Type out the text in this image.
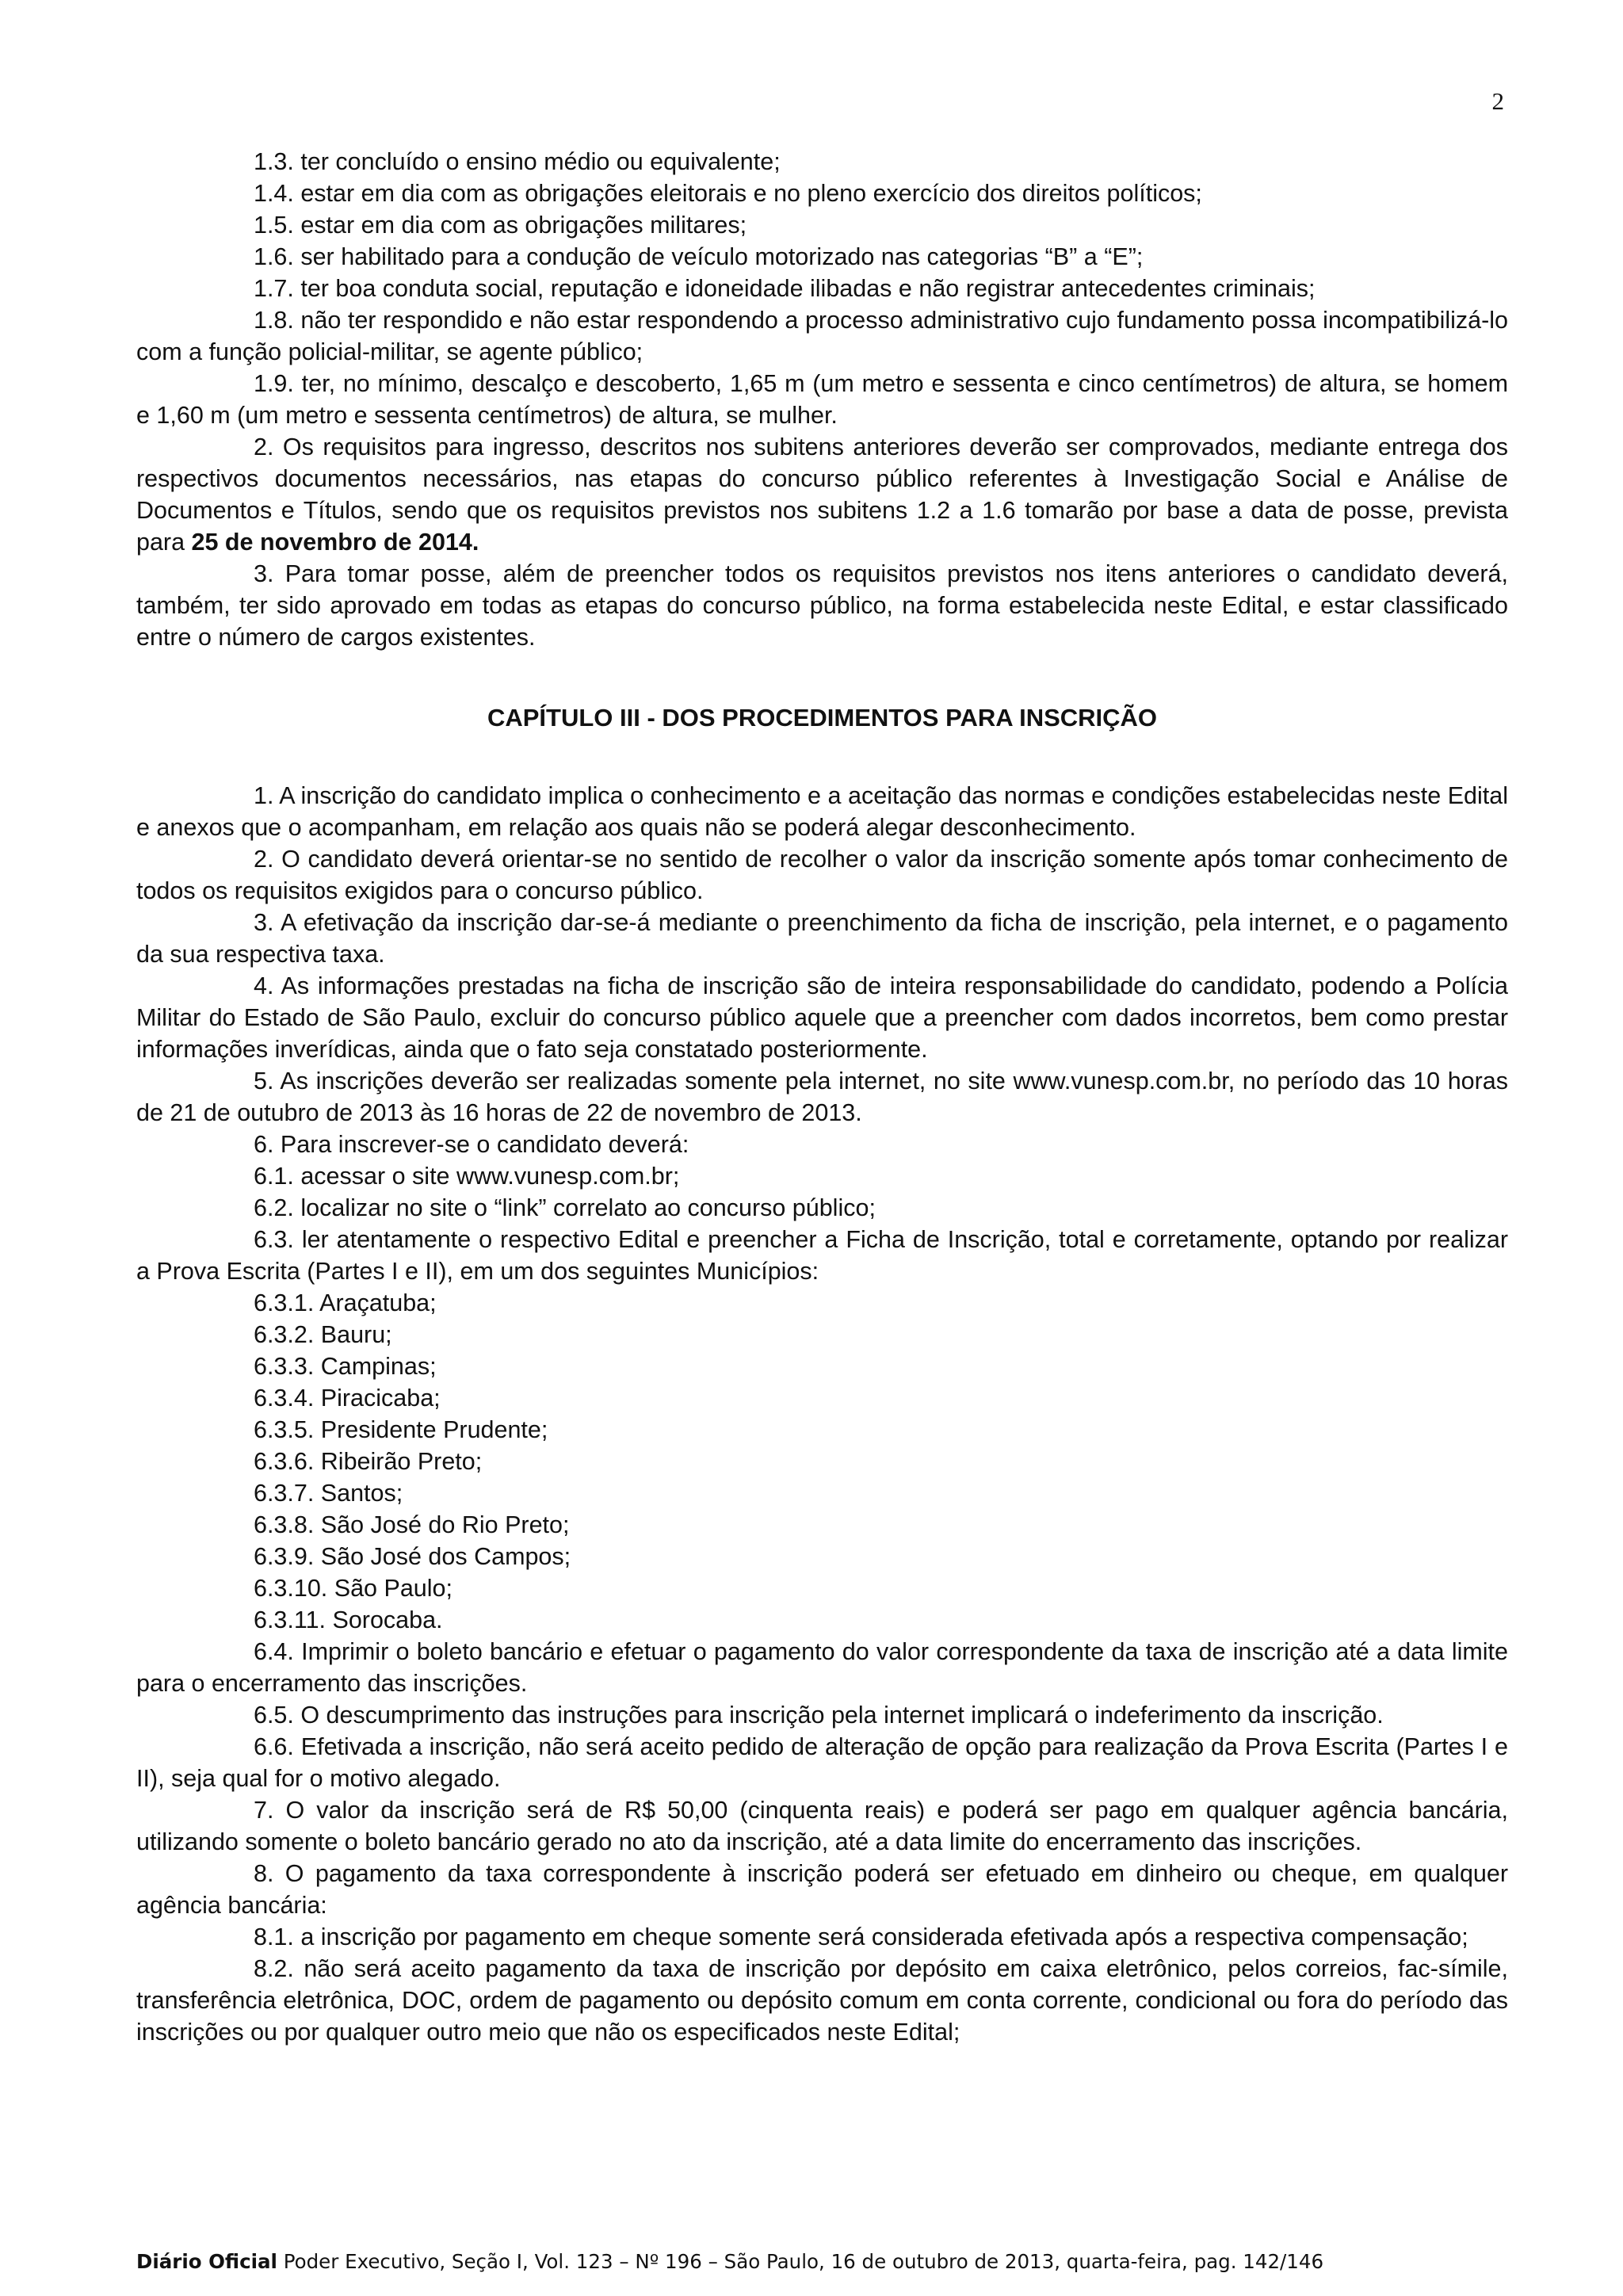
2

1.3. ter concluído o ensino médio ou equivalente;

1.4. estar em dia com as obrigações eleitorais e no pleno exercício dos direitos políticos;

1.5. estar em dia com as obrigações militares;

1.6. ser habilitado para a condução de veículo motorizado nas categorias “B” a “E”;

1.7. ter boa conduta social, reputação e idoneidade ilibadas e não registrar antecedentes criminais;

1.8. não ter respondido e não estar respondendo a processo administrativo cujo fundamento possa incompatibilizá-lo com a função policial-militar, se agente público;

1.9. ter, no mínimo, descalço e descoberto, 1,65 m (um metro e sessenta e cinco centímetros) de altura, se homem e 1,60 m (um metro e sessenta centímetros) de altura, se mulher.

2. Os requisitos para ingresso, descritos nos subitens anteriores deverão ser comprovados, mediante entrega dos respectivos documentos necessários, nas etapas do concurso público referentes à Investigação Social e Análise de Documentos e Títulos, sendo que os requisitos previstos nos subitens 1.2 a 1.6 tomarão por base a data de posse, prevista para 25 de novembro de 2014.

3. Para tomar posse, além de preencher todos os requisitos previstos nos itens anteriores o candidato deverá, também, ter sido aprovado em todas as etapas do concurso público, na forma estabelecida neste Edital, e estar classificado entre o número de cargos existentes.

CAPÍTULO III - DOS PROCEDIMENTOS PARA INSCRIÇÃO

1. A inscrição do candidato implica o conhecimento e a aceitação das normas e condições estabelecidas neste Edital e anexos que o acompanham, em relação aos quais não se poderá alegar desconhecimento.

2. O candidato deverá orientar-se no sentido de recolher o valor da inscrição somente após tomar conhecimento de todos os requisitos exigidos para o concurso público.

3. A efetivação da inscrição dar-se-á mediante o preenchimento da ficha de inscrição, pela internet, e o pagamento da sua respectiva taxa.

4. As informações prestadas na ficha de inscrição são de inteira responsabilidade do candidato, podendo a Polícia Militar do Estado de São Paulo, excluir do concurso público aquele que a preencher com dados incorretos, bem como prestar informações inverídicas, ainda que o fato seja constatado posteriormente.

5. As inscrições deverão ser realizadas somente pela internet, no site www.vunesp.com.br, no período das 10 horas de 21 de outubro de 2013 às 16 horas de 22 de novembro de 2013.

6. Para inscrever-se o candidato deverá:

6.1. acessar o site www.vunesp.com.br;

6.2. localizar no site o “link” correlato ao concurso público;

6.3. ler atentamente o respectivo Edital e preencher a Ficha de Inscrição, total e corretamente, optando por realizar a Prova Escrita (Partes I e II), em um dos seguintes Municípios:

6.3.1. Araçatuba;

6.3.2. Bauru;

6.3.3. Campinas;

6.3.4. Piracicaba;

6.3.5. Presidente Prudente;

6.3.6. Ribeirão Preto;

6.3.7. Santos;

6.3.8. São José do Rio Preto;

6.3.9. São José dos Campos;

6.3.10. São Paulo;

6.3.11. Sorocaba.

6.4. Imprimir o boleto bancário e efetuar o pagamento do valor correspondente da taxa de inscrição até a data limite para o encerramento das inscrições.

6.5. O descumprimento das instruções para inscrição pela internet implicará o indeferimento da inscrição.

6.6. Efetivada a inscrição, não será aceito pedido de alteração de opção para realização da Prova Escrita (Partes I e II), seja qual for o motivo alegado.

7. O valor da inscrição será de R$ 50,00 (cinquenta reais) e poderá ser pago em qualquer agência bancária, utilizando somente o boleto bancário gerado no ato da inscrição, até a data limite do encerramento das inscrições.

8. O pagamento da taxa correspondente à inscrição poderá ser efetuado em dinheiro ou cheque, em qualquer agência bancária:

8.1. a inscrição por pagamento em cheque somente será considerada efetivada após a respectiva compensação;

8.2. não será aceito pagamento da taxa de inscrição por depósito em caixa eletrônico, pelos correios, fac-símile, transferência eletrônica, DOC, ordem de pagamento ou depósito comum em conta corrente, condicional ou fora do período das inscrições ou por qualquer outro meio que não os especificados neste Edital;

Diário Oficial Poder Executivo, Seção I, Vol. 123 – Nº 196 – São Paulo, 16 de outubro de 2013, quarta-feira, pag. 142/146
